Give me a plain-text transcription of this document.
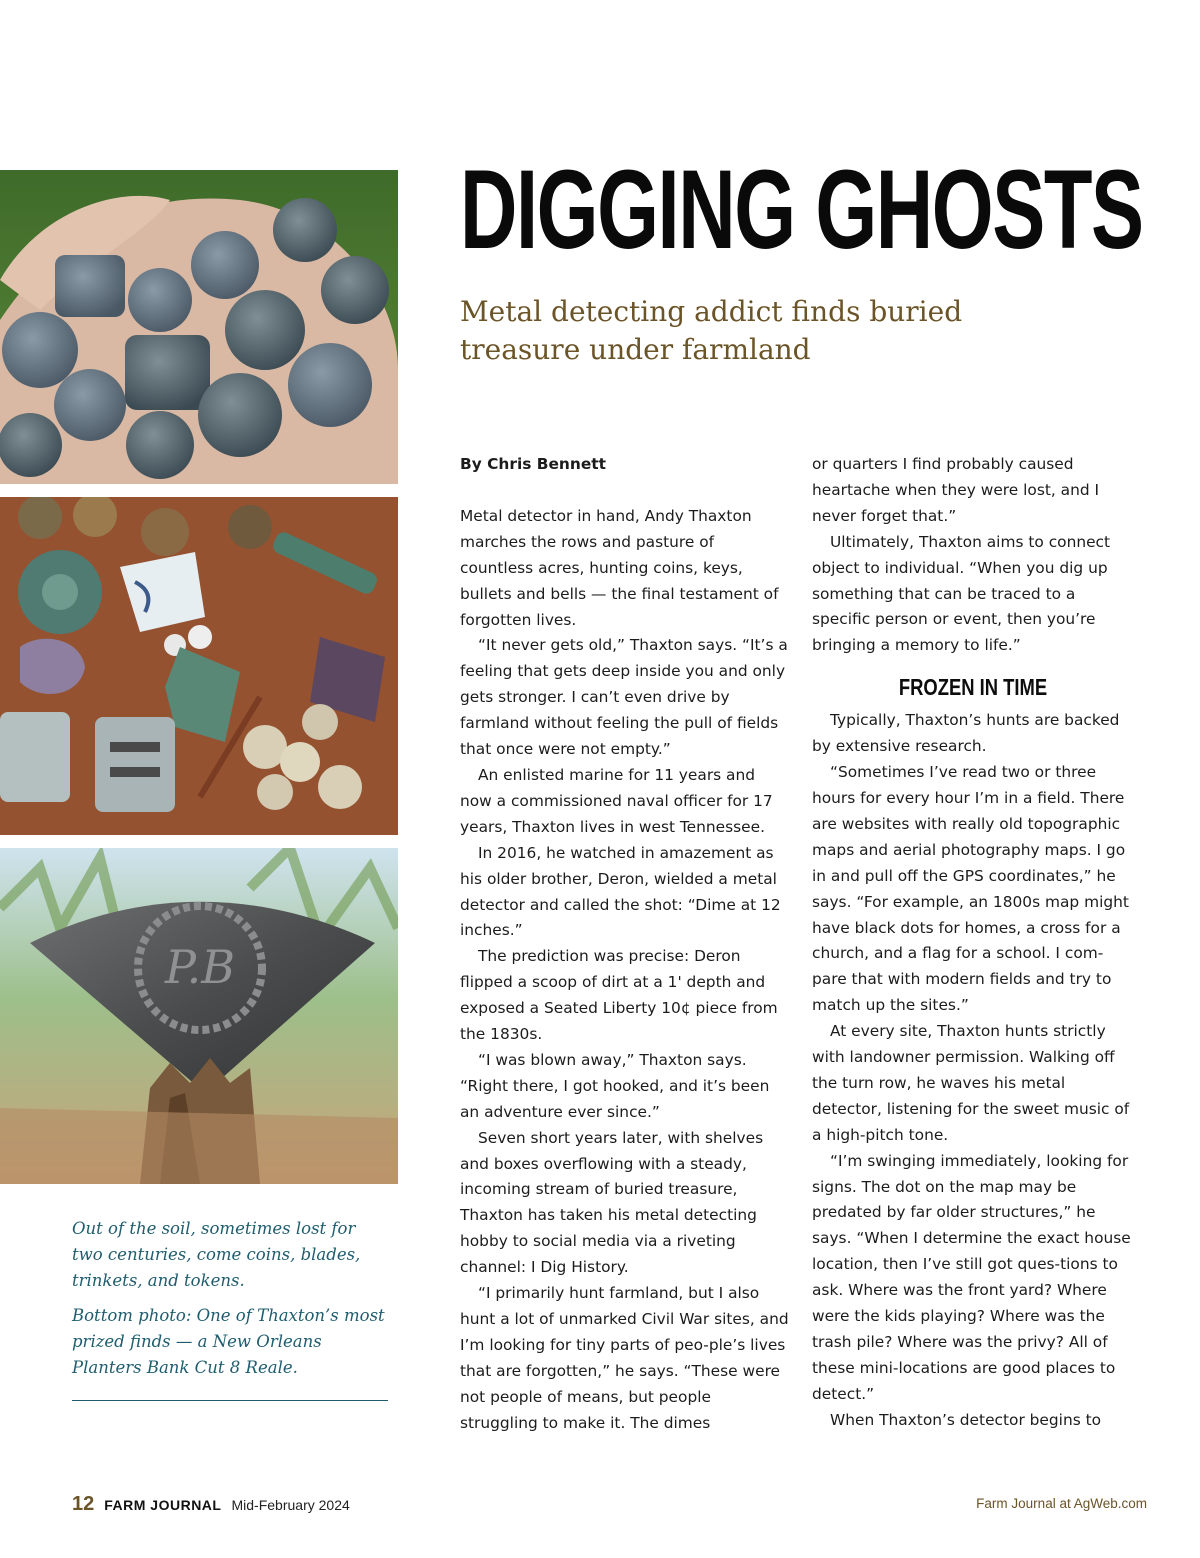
P.B

Out of the soil, sometimes lost for two centuries, come coins, blades, trinkets, and tokens.

Bottom photo: One of Thaxton’s most prized finds — a New Orleans Planters Bank Cut 8 Reale.

DIGGING GHOSTS
Metal detecting addict finds buried treasure under farmland

By Chris Bennett

Metal detector in hand, Andy Thaxton marches the rows and pasture of countless acres, hunting coins, keys, bullets and bells — the final testament of forgotten lives.

“It never gets old,” Thaxton says. “It’s a feeling that gets deep inside you and only gets stronger. I can’t even drive by farmland without feeling the pull of fields that once were not empty.”

An enlisted marine for 11 years and now a commissioned naval officer for 17 years, Thaxton lives in west Tennessee.

In 2016, he watched in amazement as his older brother, Deron, wielded a metal detector and called the shot: “Dime at 12 inches.”

The prediction was precise: Deron flipped a scoop of dirt at a 1' depth and exposed a Seated Liberty 10¢ piece from the 1830s.

“I was blown away,” Thaxton says. “Right there, I got hooked, and it’s been an adventure ever since.”

Seven short years later, with shelves and boxes overflowing with a steady, incoming stream of buried treasure, Thaxton has taken his metal detecting hobby to social media via a riveting channel: I Dig History.

“I primarily hunt farmland, but I also hunt a lot of unmarked Civil War sites, and I’m looking for tiny parts of peo-ple’s lives that are forgotten,” he says. “These were not people of means, but people struggling to make it. The dimes

or quarters I find probably caused heartache when they were lost, and I never forget that.”

Ultimately, Thaxton aims to connect object to individual. “When you dig up something that can be traced to a specific person or event, then you’re bringing a memory to life.”

FROZEN IN TIME

Typically, Thaxton’s hunts are backed by extensive research.

“Sometimes I’ve read two or three hours for every hour I’m in a field. There are websites with really old topographic maps and aerial photography maps. I go in and pull off the GPS coordinates,” he says. “For example, an 1800s map might have black dots for homes, a cross for a church, and a flag for a school. I com-pare that with modern fields and try to match up the sites.”

At every site, Thaxton hunts strictly with landowner permission. Walking off the turn row, he waves his metal detector, listening for the sweet music of a high-pitch tone.

“I’m swinging immediately, looking for signs. The dot on the map may be predated by far older structures,” he says. “When I determine the exact house location, then I’ve still got ques-tions to ask. Where was the front yard? Where were the kids playing? Where was the trash pile? Where was the privy? All of these mini-locations are good places to detect.”

When Thaxton’s detector begins to

12 FARM JOURNAL Mid-February 2024	Farm Journal at AgWeb.com
